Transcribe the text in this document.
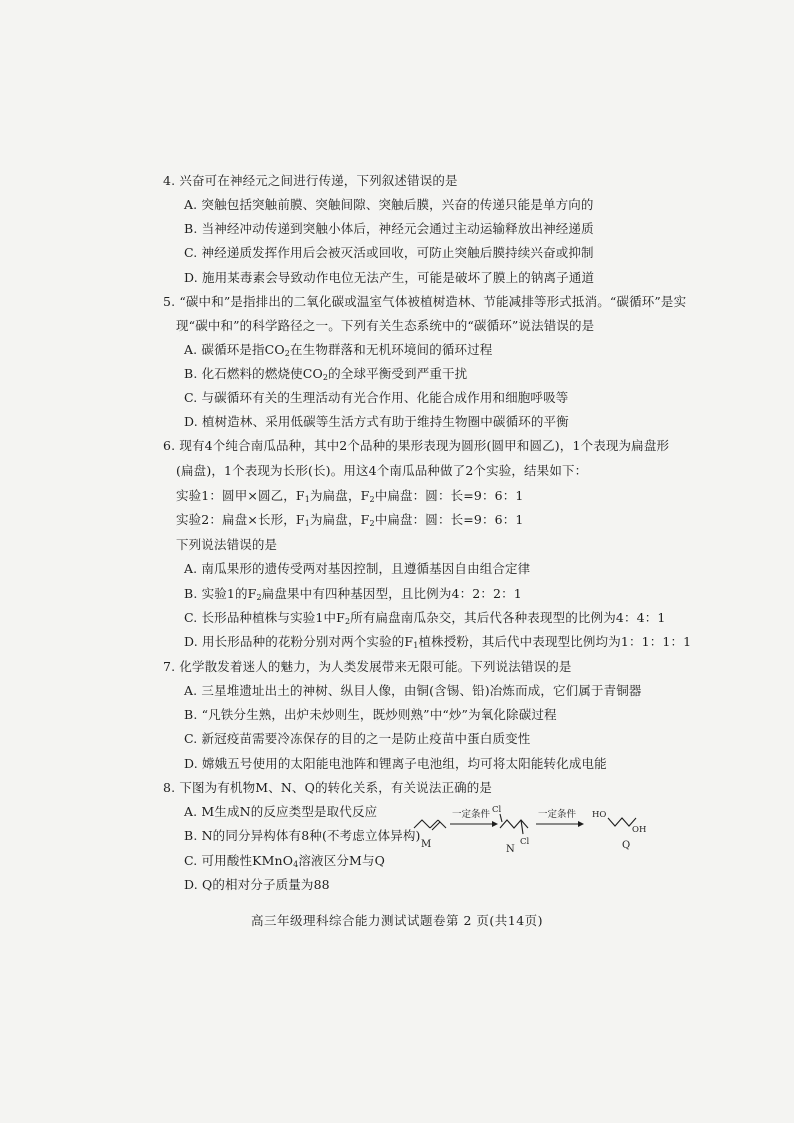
4. 兴奋可在神经元之间进行传递，下列叙述错误的是
A. 突触包括突触前膜、突触间隙、突触后膜，兴奋的传递只能是单方向的
B. 当神经冲动传递到突触小体后，神经元会通过主动运输释放出神经递质
C. 神经递质发挥作用后会被灭活或回收，可防止突触后膜持续兴奋或抑制
D. 施用某毒素会导致动作电位无法产生，可能是破坏了膜上的钠离子通道
5. “碳中和”是指排出的二氧化碳或温室气体被植树造林、节能减排等形式抵消。“碳循环”是实
现“碳中和”的科学路径之一。下列有关生态系统中的“碳循环”说法错误的是
A. 碳循环是指$CO_2$在生物群落和无机环境间的循环过程
B. 化石燃料的燃烧使$CO_2$的全球平衡受到严重干扰
C. 与碳循环有关的生理活动有光合作用、化能合成作用和细胞呼吸等
D. 植树造林、采用低碳等生活方式有助于维持生物圈中碳循环的平衡
6. 现有4个纯合南瓜品种，其中2个品种的果形表现为圆形(圆甲和圆乙)，1个表现为扁盘形
(扁盘)，1个表现为长形(长)。用这4个南瓜品种做了2个实验，结果如下：
实验1：圆甲×圆乙，$F_1$为扁盘，$F_2$中扁盘：圆：长=9：6：1
实验2：扁盘×长形，$F_1$为扁盘，$F_2$中扁盘：圆：长=9：6：1
下列说法错误的是
A. 南瓜果形的遗传受两对基因控制，且遵循基因自由组合定律
B. 实验1的$F_2$扁盘果中有四种基因型，且比例为4：2：2：1
C. 长形品种植株与实验1中$F_2$所有扁盘南瓜杂交，其后代各种表现型的比例为4：4：1
D. 用长形品种的花粉分别对两个实验的$F_1$植株授粉，其后代中表现型比例均为1：1：1：1
7. 化学散发着迷人的魅力，为人类发展带来无限可能。下列说法错误的是
A. 三星堆遗址出土的神树、纵目人像，由铜(含锡、铅)冶炼而成，它们属于青铜器
B. “凡铁分生熟，出炉未炒则生，既炒则熟”中“炒”为氧化除碳过程
C. 新冠疫苗需要冷冻保存的目的之一是防止疫苗中蛋白质变性
D. 嫦娥五号使用的太阳能电池阵和锂离子电池组，均可将太阳能转化成电能
8. 下图为有机物M、N、Q的转化关系，有关说法正确的是
A. M生成N的反应类型是取代反应
B. N的同分异构体有8种(不考虑立体异构)
C. 可用酸性KMnO$_4$溶液区分M与Q
D. Q的相对分子质量为88
M
一定条件 Cl
Cl
N
一定条件 HO
OH
Q
高三年级理科综合能力测试试题卷第 2 页(共14页)
